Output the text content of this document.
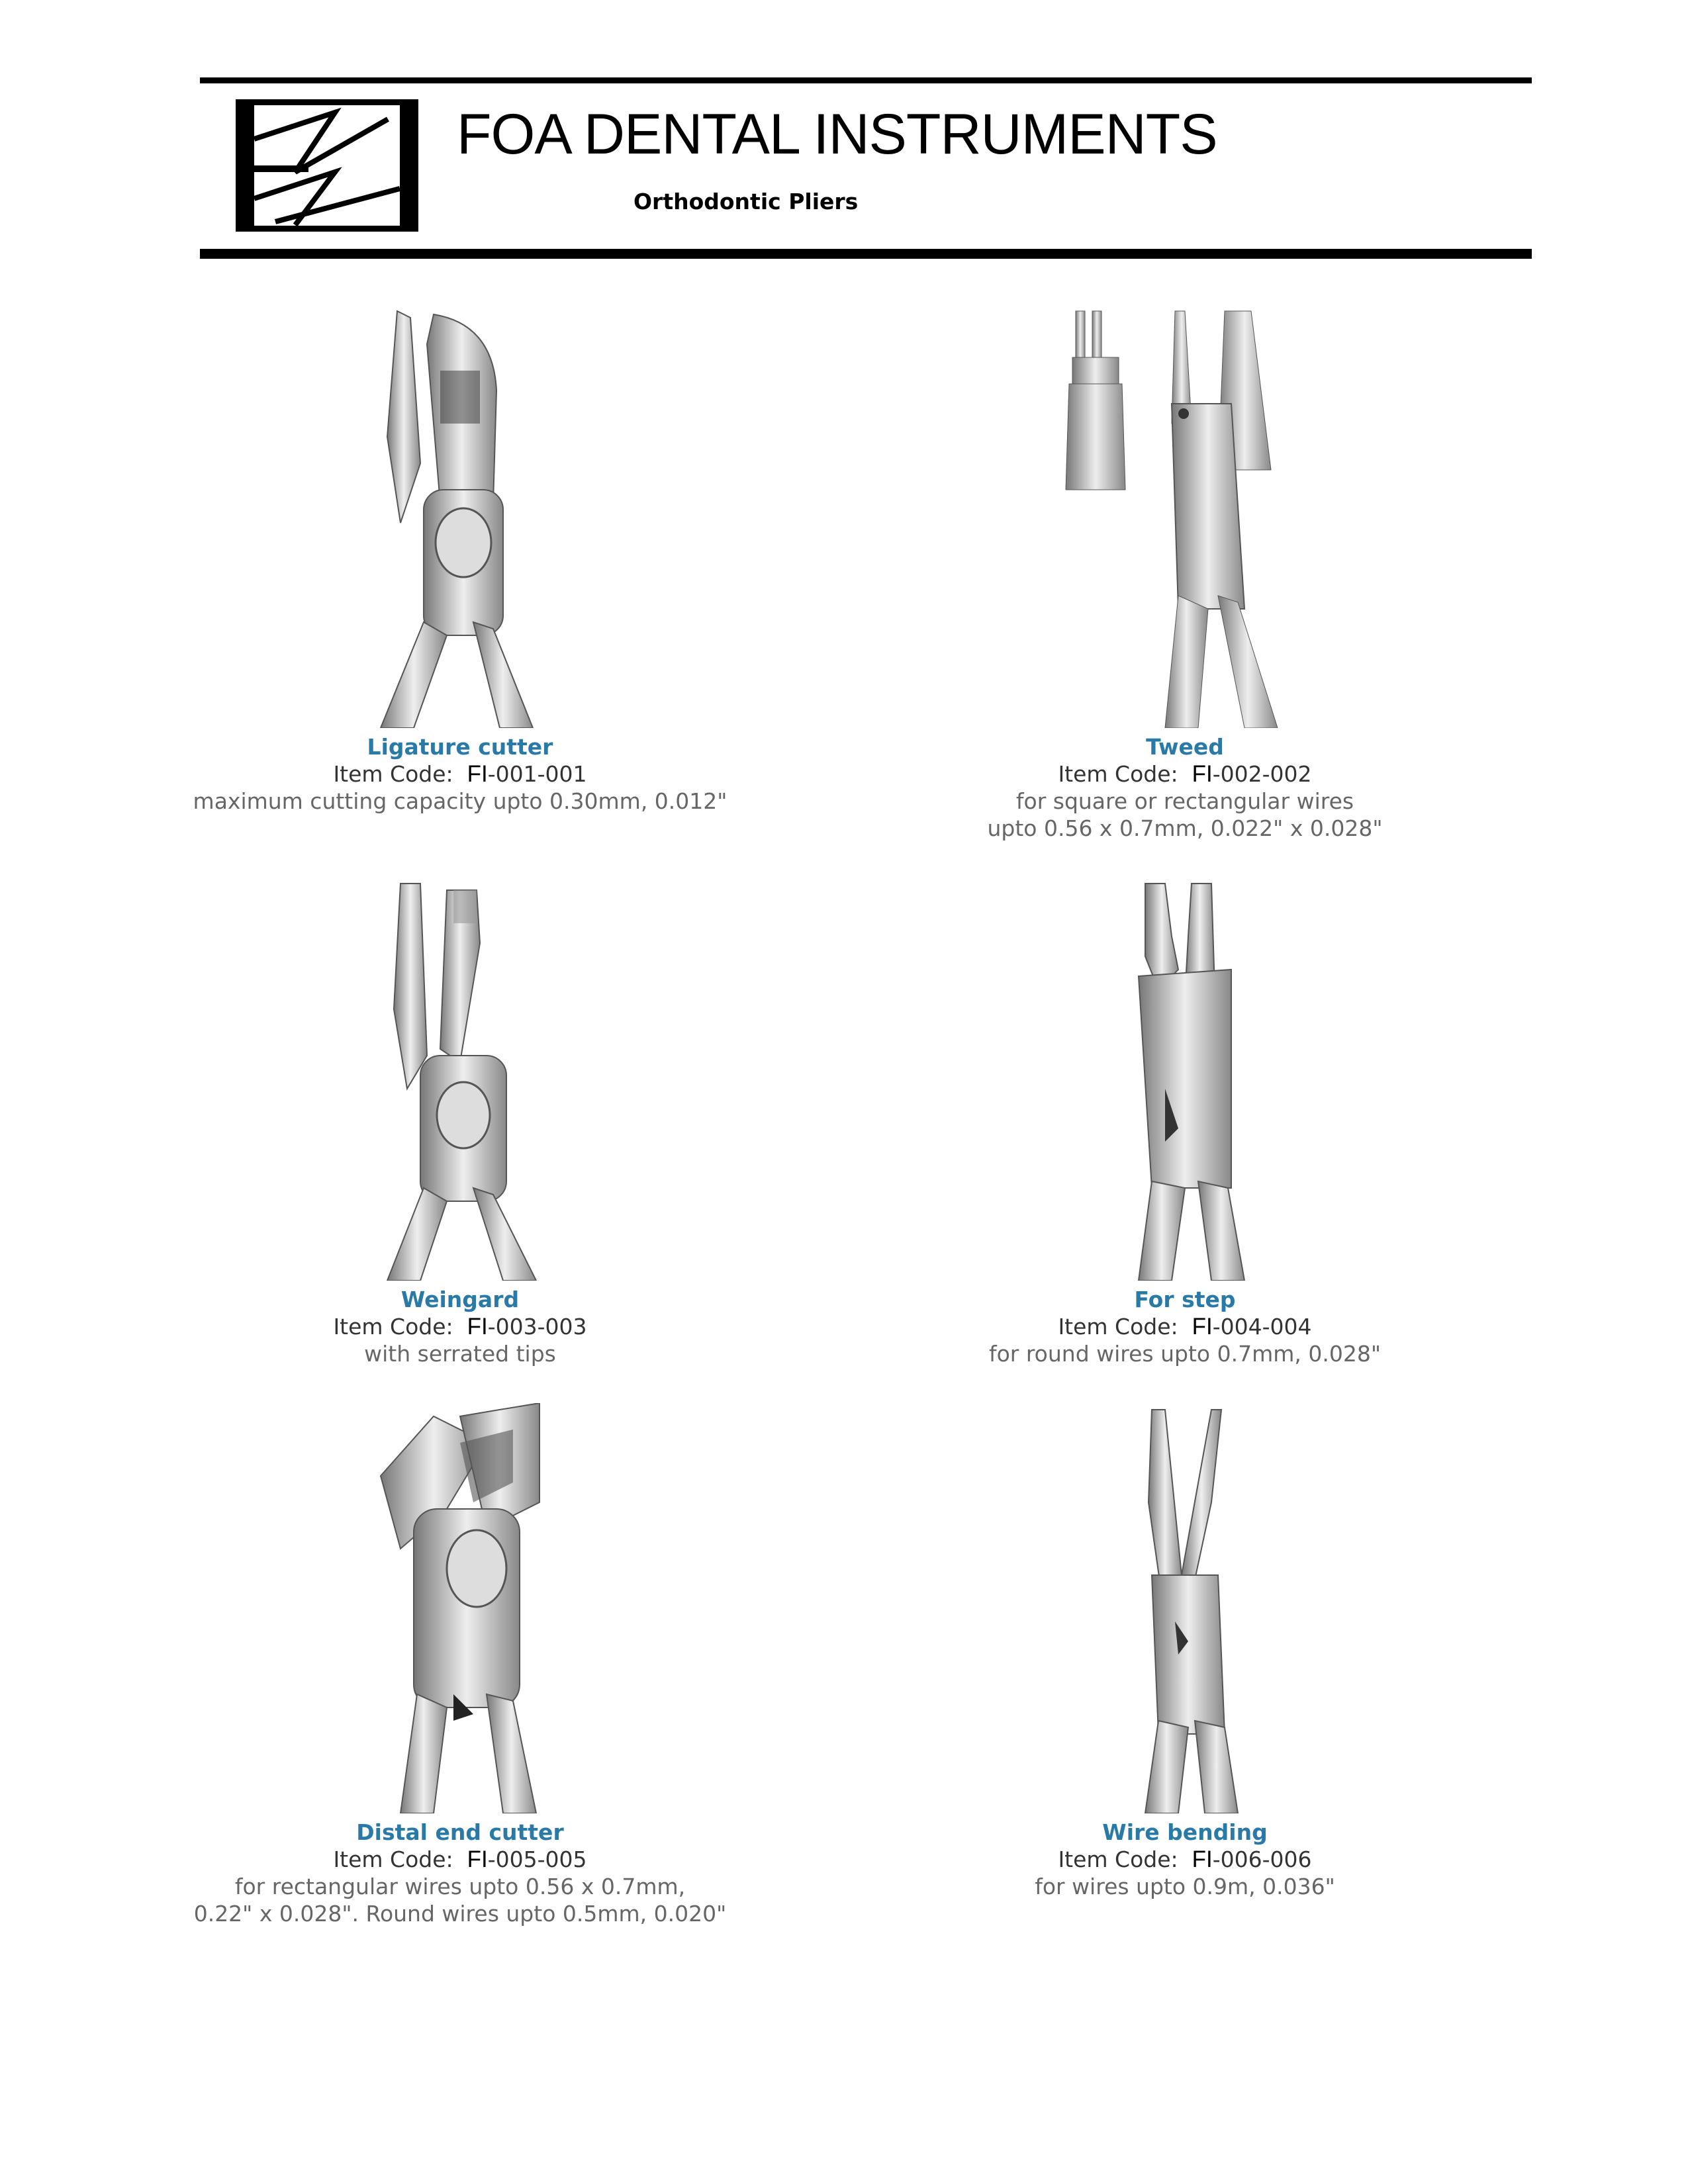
FOA DENTAL INSTRUMENTS
Orthodontic Pliers
Ligature cutter
Item Code: FI-001-001
maximum cutting capacity upto 0.30mm, 0.012"
Tweed
Item Code: FI-002-002
for square or rectangular wires
upto 0.56 x 0.7mm, 0.022" x 0.028"
Weingard
Item Code: FI-003-003
with serrated tips
For step
Item Code: FI-004-004
for round wires upto 0.7mm, 0.028"
Distal end cutter
Item Code: FI-005-005
for rectangular wires upto 0.56 x 0.7mm,
0.22" x 0.028". Round wires upto 0.5mm, 0.020"
Wire bending
Item Code: FI-006-006
for wires upto 0.9m, 0.036"
